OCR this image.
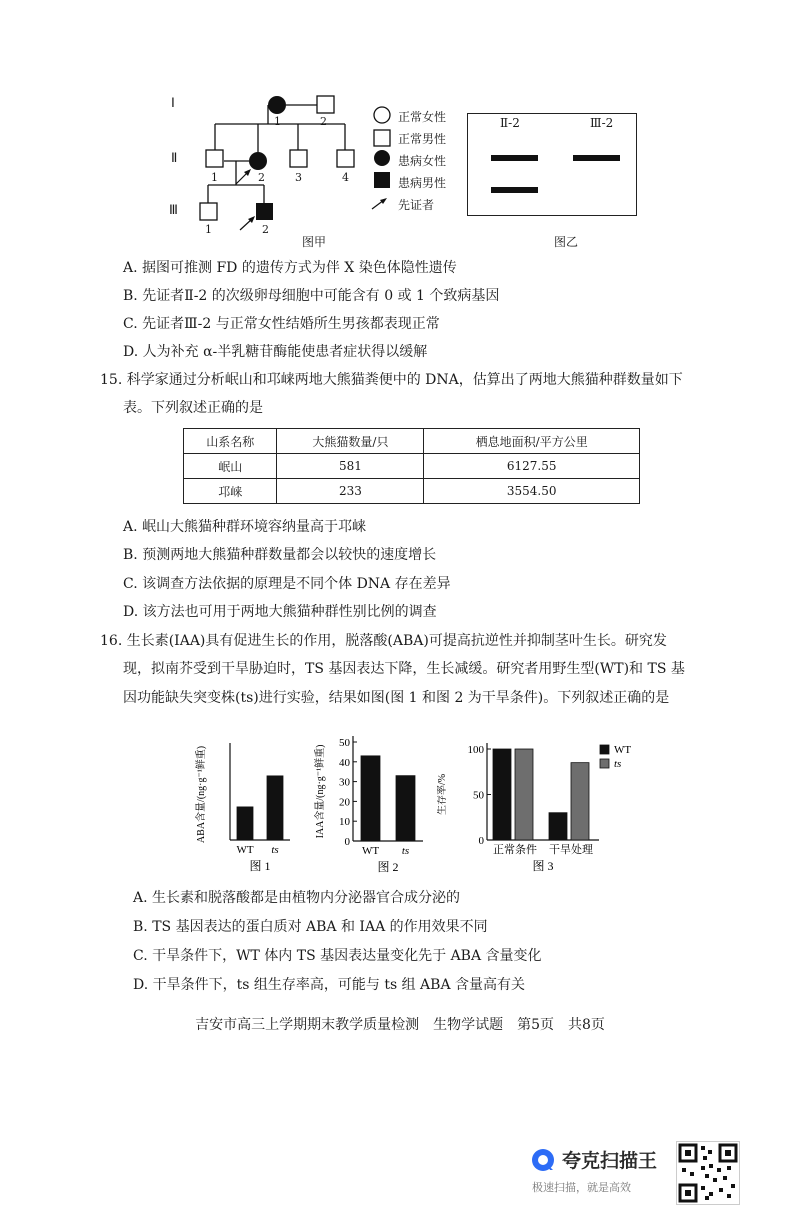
Ⅰ
Ⅱ
Ⅲ
1	2
1	2	3	4
1	2
正常女性
正常男性
患病女性
患病男性
先证者
图甲
Ⅱ-2	Ⅲ-2
图乙
A. 据图可推测 FD 的遗传方式为伴 X 染色体隐性遗传
B. 先证者Ⅱ-2 的次级卵母细胞中可能含有 0 或 1 个致病基因
C. 先证者Ⅲ-2 与正常女性结婚所生男孩都表现正常
D. 人为补充 α-半乳糖苷酶能使患者症状得以缓解
15. 科学家通过分析岷山和邛崃两地大熊猫粪便中的 DNA，估算出了两地大熊猫种群数量如下
表。下列叙述正确的是
山系名称	大熊猫数量/只	栖息地面积/平方公里
岷山	581	6127.55
邛崃	233	3554.50
A. 岷山大熊猫种群环境容纳量高于邛崃
B. 预测两地大熊猫种群数量都会以较快的速度增长
C. 该调查方法依据的原理是不同个体 DNA 存在差异
D. 该方法也可用于两地大熊猫种群性别比例的调查
16. 生长素(IAA)具有促进生长的作用，脱落酸(ABA)可提高抗逆性并抑制茎叶生长。研究发
现，拟南芥受到干旱胁迫时，TS 基因表达下降，生长减缓。研究者用野生型(WT)和 TS 基
因功能缺失突变株(ts)进行实验，结果如图(图 1 和图 2 为干旱条件)。下列叙述正确的是
ABA含量/(ng·g⁻¹鲜重)
WT ts
图 1
0
10
20
30
40
50
IAA含量/(ng·g⁻¹鲜重)
WT ts
图 2
0
50
100
生存率/%
正常条件 干旱处理
图 3
WT
ts
A. 生长素和脱落酸都是由植物内分泌器官合成分泌的
B. TS 基因表达的蛋白质对 ABA 和 IAA 的作用效果不同
C. 干旱条件下，WT 体内 TS 基因表达量变化先于 ABA 含量变化
D. 干旱条件下，ts 组生存率高，可能与 ts 组 ABA 含量高有关
吉安市高三上学期期末教学质量检测　生物学试题　第5页　共8页
夸克扫描王
极速扫描，就是高效
